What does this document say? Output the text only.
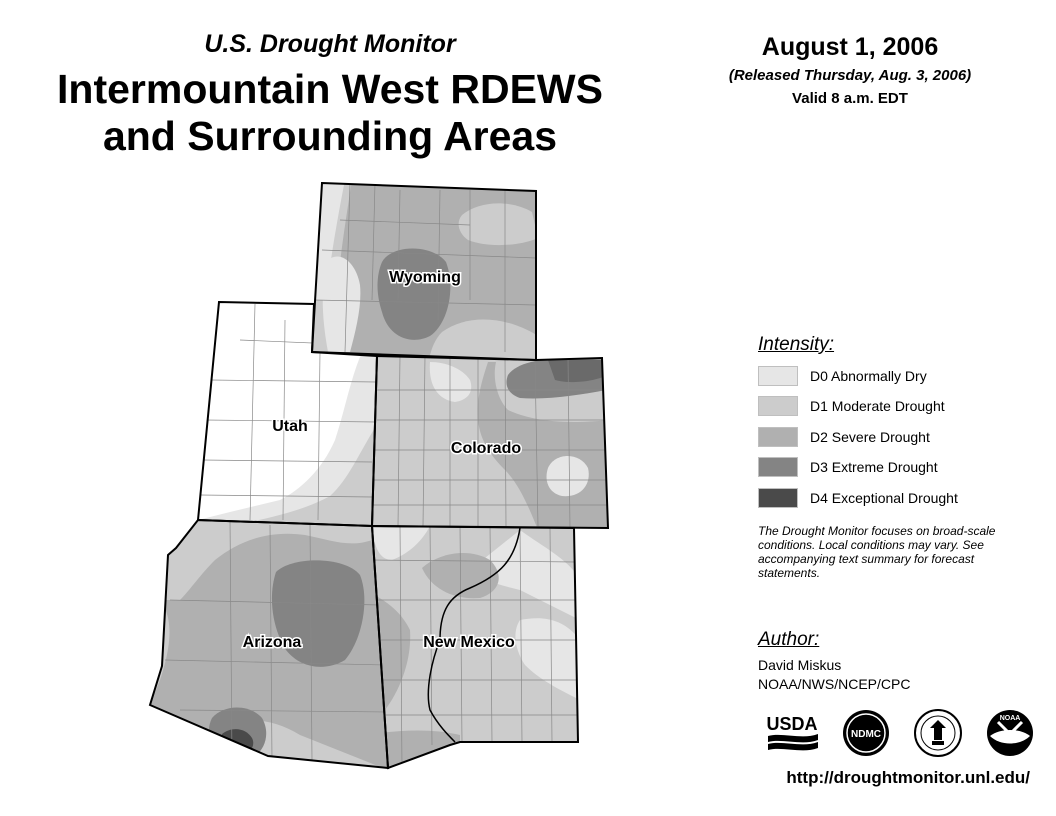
U.S. Drought Monitor
Intermountain West RDEWS
and Surrounding Areas
August 1, 2006
(Released Thursday, Aug. 3, 2006)
Valid 8 a.m. EDT
Wyoming
Utah
Colorado
Arizona	New Mexico
Intensity:
D0 Abnormally Dry
D1 Moderate Drought
D2 Severe Drought
D3 Extreme Drought
D4 Exceptional Drought
The Drought Monitor focuses on broad-scale conditions. Local conditions may vary. See accompanying text summary for forecast statements.
Author:
David Miskus
NOAA/NWS/NCEP/CPC
USDA
NDMC
NOAA
http://droughtmonitor.unl.edu/
